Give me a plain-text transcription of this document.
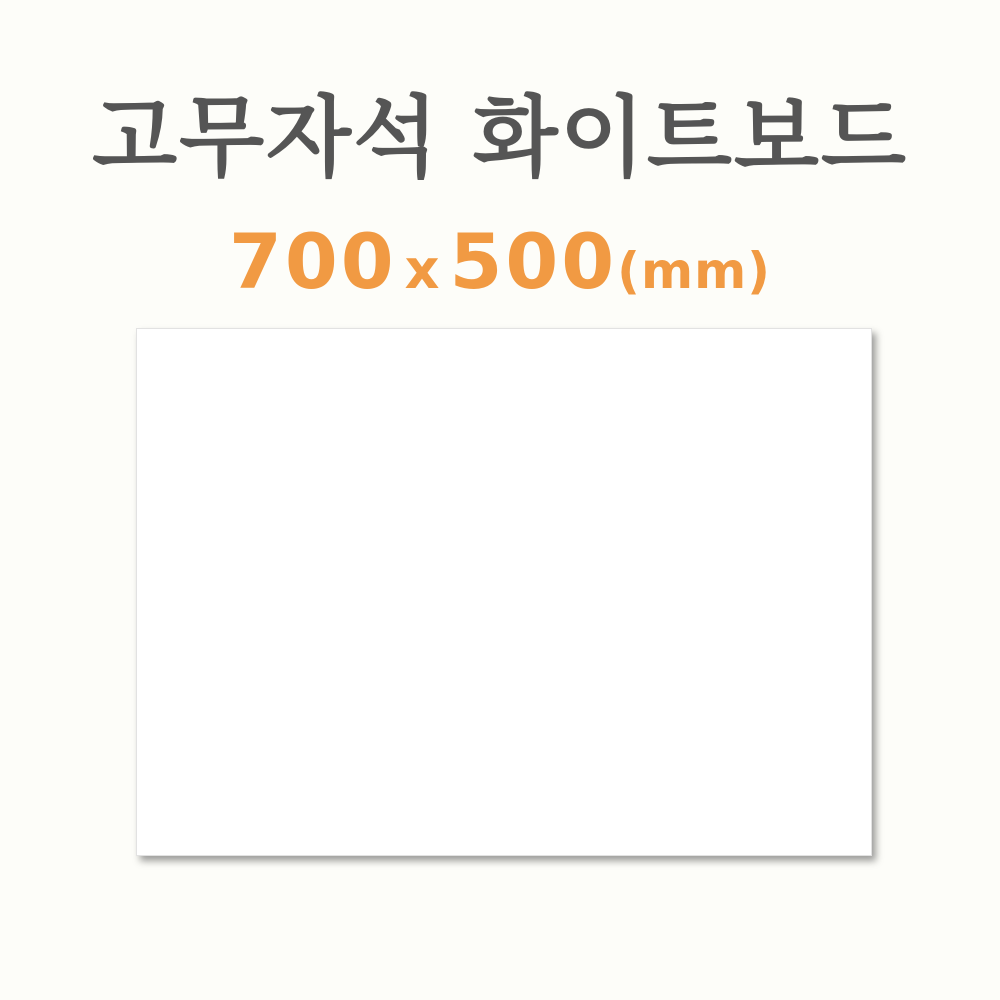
고무자석 화이트보드
700 x 500(mm)
